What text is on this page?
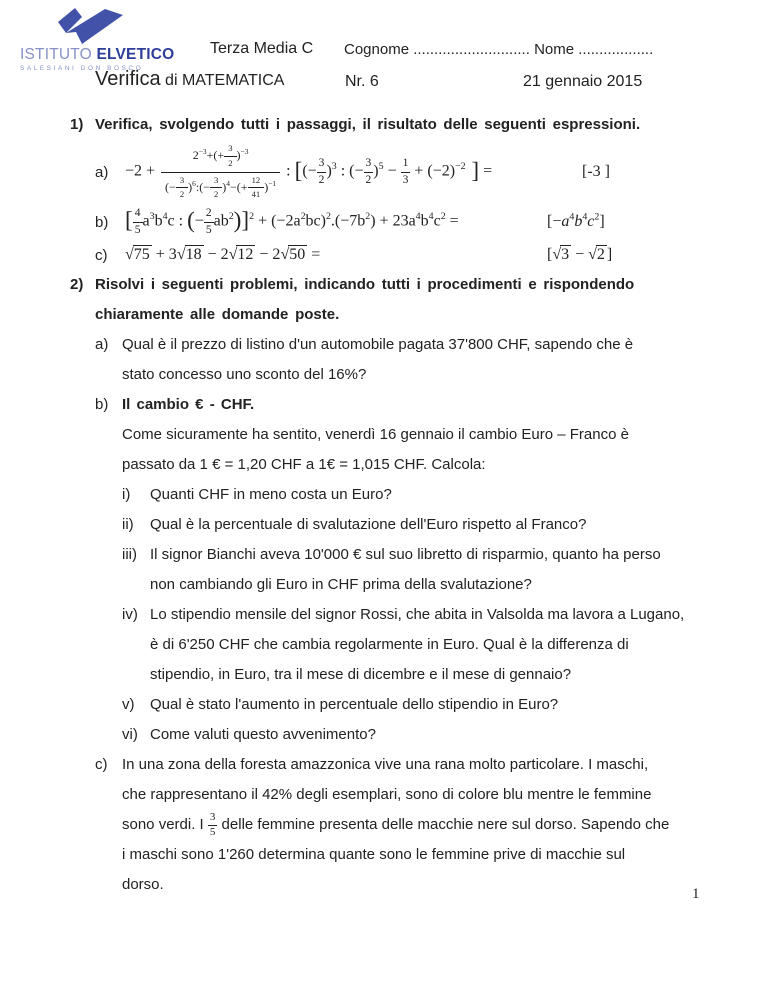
ISTITUTO ELVETICO
SALESIANI DON BOSCO
Terza Media C Cognome ............................ Nome ..................
Verifica di MATEMATICA	Nr. 6	21 gennaio 2015
1) Verifica, svolgendo tutti i passaggi, il risultato delle seguenti espressioni.
a)	$-2 + \frac{2^{-3}+(+ \frac{3}{2} )^{-3}}{(- \frac{3}{2} )^6:(- \frac{3}{2} )^4-(+ \frac{12}{41} )^{-1}}$ : [(− $\frac{3}{2} )^3$ : (− $\frac{3}{2} )^5 - \frac{1}{3} + (-2)^{-2}$ ] =	[-3 ]
b) [ $\frac{4}{5} a^3b^4c$ : (− $\frac{2}{5} ab^2)]^2 + (-2a^2bc)^2.(-7b^2) + 23a^4b^4c^2$ =	$[-a^4b^4c^2]$
c)	√75 + 3√18 − 2√12 − 2√50 =	[√3 − √2 ]
2) Risolvi i seguenti problemi, indicando tutti i procedimenti e rispondendo
chiaramente alle domande poste.
a) Qual è il prezzo di listino d'un automobile pagata 37'800 CHF, sapendo che è
stato concesso uno sconto del 16%?
b) Il cambio € - CHF.
Come sicuramente ha sentito, venerdì 16 gennaio il cambio Euro – Franco è
passato da 1 € = 1,20 CHF a 1€ = 1,015 CHF. Calcola:
i)	Quanti CHF in meno costa un Euro?
ii)	Qual è la percentuale di svalutazione dell'Euro rispetto al Franco?
iii) Il signor Bianchi aveva 10'000 € sul suo libretto di risparmio, quanto ha perso
non cambiando gli Euro in CHF prima della svalutazione?
iv) Lo stipendio mensile del signor Rossi, che abita in Valsolda ma lavora a Lugano,
è di 6'250 CHF che cambia regolarmente in Euro. Qual è la differenza di
stipendio, in Euro, tra il mese di dicembre e il mese di gennaio?
v)	Qual è stato l'aumento in percentuale dello stipendio in Euro?
vi) Come valuti questo avvenimento?
c) In una zona della foresta amazzonica vive una rana molto particolare. I maschi,
che rappresentano il 42% degli esemplari, sono di colore blu mentre le femmine
sono verdi. I $\frac{3}{5}$ delle femmine presenta delle macchie nere sul dorso. Sapendo che
i maschi sono 1'260 determina quante sono le femmine prive di macchie sul
dorso.
1
